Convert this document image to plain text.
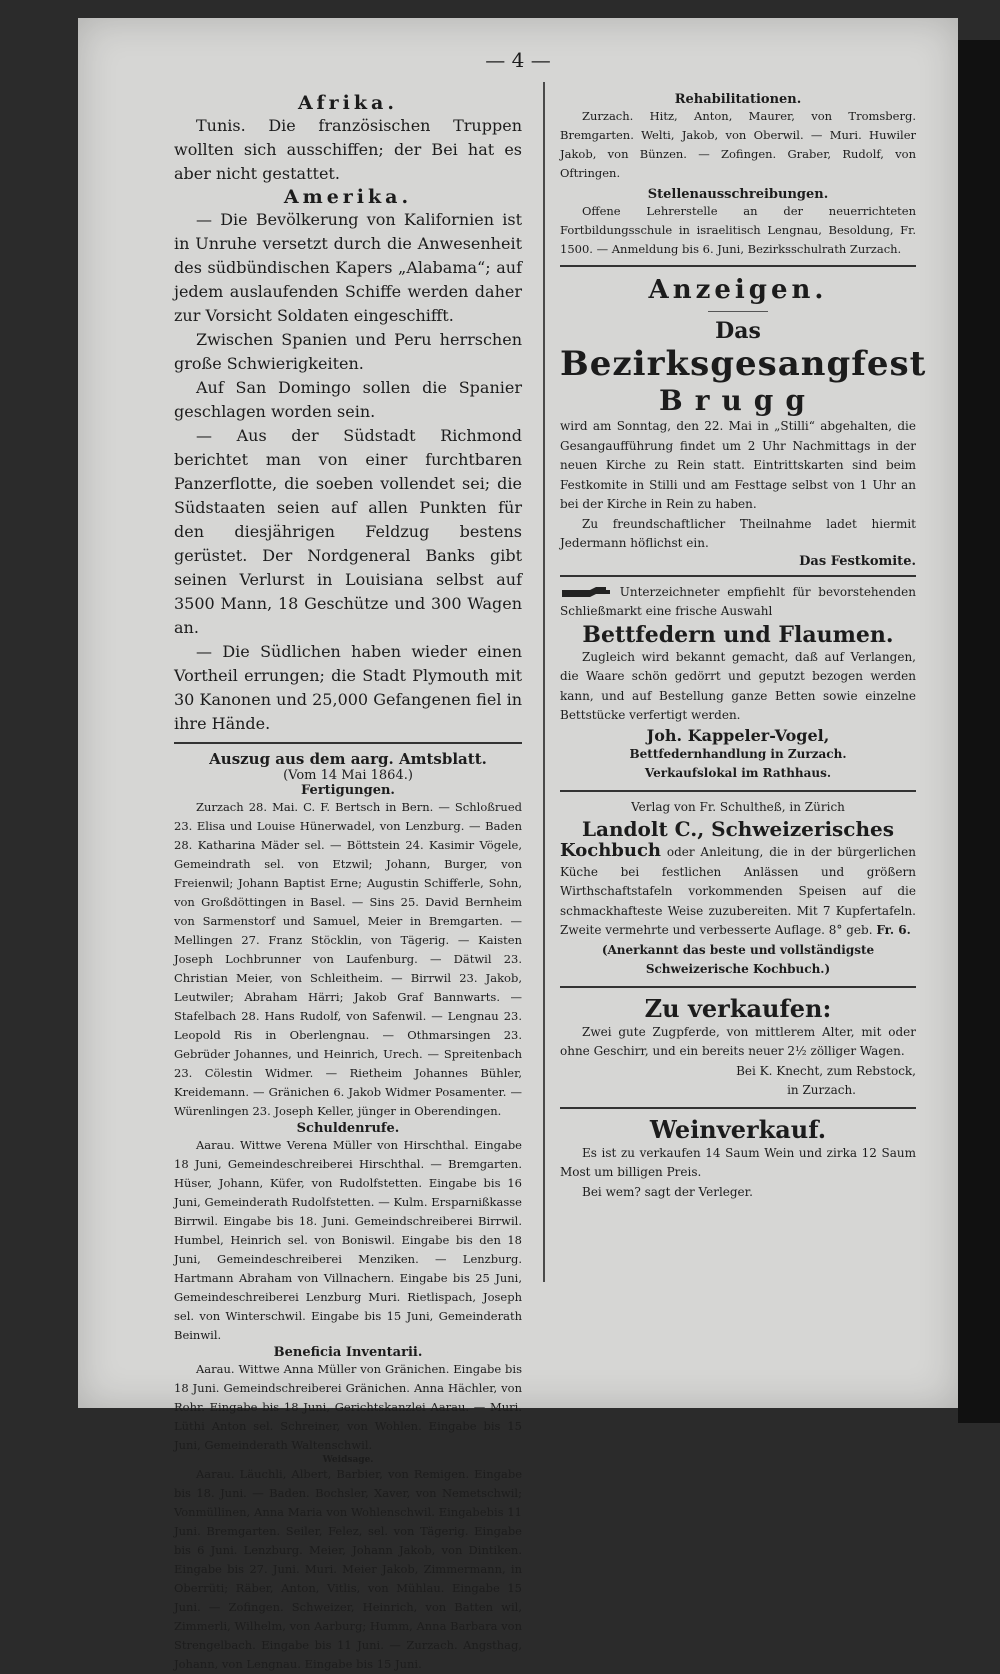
— 4 —
Afrika.

Tunis. Die französischen Truppen wollten sich ausschiffen; der Bei hat es aber nicht gestattet.

Amerika.

— Die Bevölkerung von Kalifornien ist in Unruhe versetzt durch die Anwesenheit des südbündischen Kapers „Alabama“; auf jedem auslaufenden Schiffe werden daher zur Vorsicht Soldaten eingeschifft.

Zwischen Spanien und Peru herrschen große Schwierigkeiten.

Auf San Domingo sollen die Spanier geschlagen worden sein.

— Aus der Südstadt Richmond berichtet man von einer furchtbaren Panzerflotte, die soeben vollendet sei; die Südstaaten seien auf allen Punkten für den diesjährigen Feldzug bestens gerüstet. Der Nordgeneral Banks gibt seinen Verlurst in Louisiana selbst auf 3500 Mann, 18 Geschütze und 300 Wagen an.

— Die Südlichen haben wieder einen Vortheil errungen; die Stadt Plymouth mit 30 Kanonen und 25,000 Gefangenen fiel in ihre Hände.

Auszug aus dem aarg. Amtsblatt.
(Vom 14 Mai 1864.)
Fertigungen.

Zurzach 28. Mai. C. F. Bertsch in Bern. — Schloßrued 23. Elisa und Louise Hünerwadel, von Lenzburg. — Baden 28. Katharina Mäder sel. — Böttstein 24. Kasimir Vögele, Gemeindrath sel. von Etzwil; Johann, Burger, von Freienwil; Johann Baptist Erne; Augustin Schifferle, Sohn, von Großdöttingen in Basel. — Sins 25. David Bernheim von Sarmenstorf und Samuel, Meier in Bremgarten. — Mellingen 27. Franz Stöcklin, von Tägerig. — Kaisten Joseph Lochbrunner von Laufenburg. — Dätwil 23. Christian Meier, von Schleitheim. — Birrwil 23. Jakob, Leutwiler; Abraham Härri; Jakob Graf Bannwarts. — Stafelbach 28. Hans Rudolf, von Safenwil. — Lengnau 23. Leopold Ris in Oberlengnau. — Othmarsingen 23. Gebrüder Johannes, und Heinrich, Urech. — Spreitenbach 23. Cölestin Widmer. — Rietheim Johannes Bühler, Kreidemann. — Gränichen 6. Jakob Widmer Posamenter. — Würenlingen 23. Joseph Keller, jünger in Oberendingen.

Schuldenrufe.

Aarau. Wittwe Verena Müller von Hirschthal. Eingabe 18 Juni, Gemeindeschreiberei Hirschthal. — Bremgarten. Hüser, Johann, Küfer, von Rudolfstetten. Eingabe bis 16 Juni, Gemeinderath Rudolfstetten. — Kulm. Ersparnißkasse Birrwil. Eingabe bis 18. Juni. Gemeindschreiberei Birrwil. Humbel, Heinrich sel. von Boniswil. Eingabe bis den 18 Juni, Gemeindeschreiberei Menziken. — Lenzburg. Hartmann Abraham von Villnachern. Eingabe bis 25 Juni, Gemeindeschreiberei Lenzburg Muri. Rietlispach, Joseph sel. von Winterschwil. Eingabe bis 15 Juni, Gemeinderath Beinwil.

Beneficia Inventarii.

Aarau. Wittwe Anna Müller von Gränichen. Eingabe bis 18 Juni. Gemeindschreiberei Gränichen. Anna Hächler, von Rohr. Eingabe bis 18 Juni, Gerichtskanzlei Aarau. — Muri. Lüthi Anton sel. Schreiner, von Wohlen. Eingabe bis 15 Juni, Gemeinderath Waltenschwil.

Weidsage.

Aarau. Läuchli, Albert, Barbier, von Remigen. Eingabe bis 18. Juni. — Baden. Bochsler, Xaver, von Nemetschwil; Vonmüllinen, Anna Maria von Wohlenschwil. Eingabebis 11 Juni. Bremgarten. Seiler, Felez, sel. von Tägerig. Eingabe bis 6 Juni. Lenzburg. Meier, Johann Jakob, von Dintiken. Eingabe bis 27. Juni. Muri. Meier Jakob, Zimmermann, in Oberrüti; Räber, Anton, Vitlis, von Mühlau. Eingabe 15 Juni. — Zofingen. Schweizer, Heinrich, von Batten wil, Zimmerli, Wilhelm, von Aarburg; Humm, Anna Barbara von Strengelbach. Eingabe bis 11 Juni. — Zurzach. Angsthag, Johann, von Lengnau. Eingabe bis 15 Juni.

Rehabilitationen.

Zurzach. Hitz, Anton, Maurer, von Tromsberg. Bremgarten. Welti, Jakob, von Oberwil. — Muri. Huwiler Jakob, von Bünzen. — Zofingen. Graber, Rudolf, von Oftringen.

Stellenausschreibungen.

Offene Lehrerstelle an der neuerrichteten Fortbildungsschule in israelitisch Lengnau, Besoldung, Fr. 1500. — Anmeldung bis 6. Juni, Bezirksschulrath Zurzach.

Anzeigen.
Das
Bezirksgesangfest
Brugg

wird am Sonntag, den 22. Mai in „Stilli“ abgehalten, die Gesangaufführung findet um 2 Uhr Nachmittags in der neuen Kirche zu Rein statt. Eintrittskarten sind beim Festkomite in Stilli und am Festtage selbst von 1 Uhr an bei der Kirche in Rein zu haben.

Zu freundschaftlicher Theilnahme ladet hiermit Jedermann höflichst ein.

Das Festkomite.

Unterzeichneter empfiehlt für bevorstehenden Schließmarkt eine frische Auswahl

Bettfedern und Flaumen.

Zugleich wird bekannt gemacht, daß auf Verlangen, die Waare schön gedörrt und geputzt bezogen werden kann, und auf Bestellung ganze Betten sowie einzelne Bettstücke verfertigt werden.

Joh. Kappeler-Vogel,
Bettfedernhandlung in Zurzach.
Verkaufslokal im Rathhaus.
Verlag von Fr. Schultheß, in Zürich
Landolt C., Schweizerisches

Kochbuch oder Anleitung, die in der bürgerlichen Küche bei festlichen Anlässen und größern Wirthschaftstafeln vorkommenden Speisen auf die schmackhafteste Weise zuzubereiten. Mit 7 Kupfertafeln. Zweite vermehrte und verbesserte Auflage. 8° geb. Fr. 6.

(Anerkannt das beste und vollständigste Schweizerische Kochbuch.)

Zu verkaufen:

Zwei gute Zugpferde, von mittlerem Alter, mit oder ohne Geschirr, und ein bereits neuer 2½ zölliger Wagen.

Bei K. Knecht, zum Rebstock,
in Zurzach.
Weinverkauf.

Es ist zu verkaufen 14 Saum Wein und zirka 12 Saum Most um billigen Preis.

Bei wem? sagt der Verleger.
